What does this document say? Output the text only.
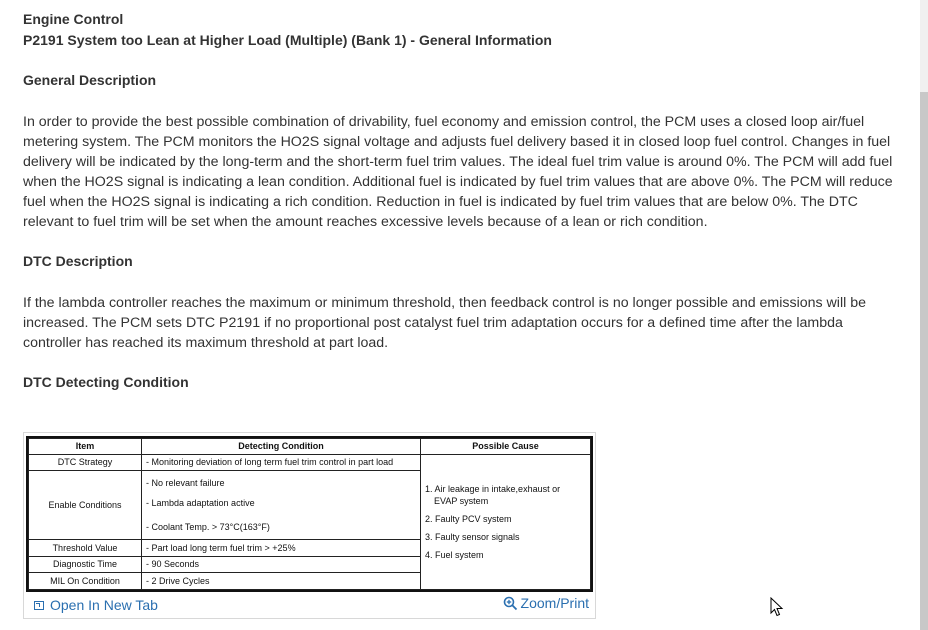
Engine Control
P2191 System too Lean at Higher Load (Multiple) (Bank 1) - General Information
General Description
In order to provide the best possible combination of drivability, fuel economy and emission control, the PCM uses a closed loop air/fuel metering system. The PCM monitors the HO2S signal voltage and adjusts fuel delivery based it in closed loop fuel control. Changes in fuel delivery will be indicated by the long-term and the short-term fuel trim values. The ideal fuel trim value is around 0%. The PCM will add fuel when the HO2S signal is indicating a lean condition. Additional fuel is indicated by fuel trim values that are above 0%. The PCM will reduce fuel when the HO2S signal is indicating a rich condition. Reduction in fuel is indicated by fuel trim values that are below 0%. The DTC relevant to fuel trim will be set when the amount reaches excessive levels because of a lean or rich condition.
DTC Description
If the lambda controller reaches the maximum or minimum threshold, then feedback control is no longer possible and emissions will be increased. The PCM sets DTC P2191 if no proportional post catalyst fuel trim adaptation occurs for a defined time after the lambda controller has reached its maximum threshold at part load.
DTC Detecting Condition
Item	Detecting Condition	Possible Cause
DTC Strategy	- Monitoring deviation of long term fuel trim control in part load	1. Air leakage in intake,exhaust or
EVAP system
2. Faulty PCV system
3. Faulty sensor signals
4. Fuel system

Enable Conditions	- No relevant failure
- Lambda adaptation active
- Coolant Temp. > 73°C(163°F)	

Threshold Value	- Part load long term fuel trim > +25%	
Diagnostic Time	- 90 Seconds	
MIL On Condition	- 2 Drive Cycles	
Open In New Tab	Zoom/Print
